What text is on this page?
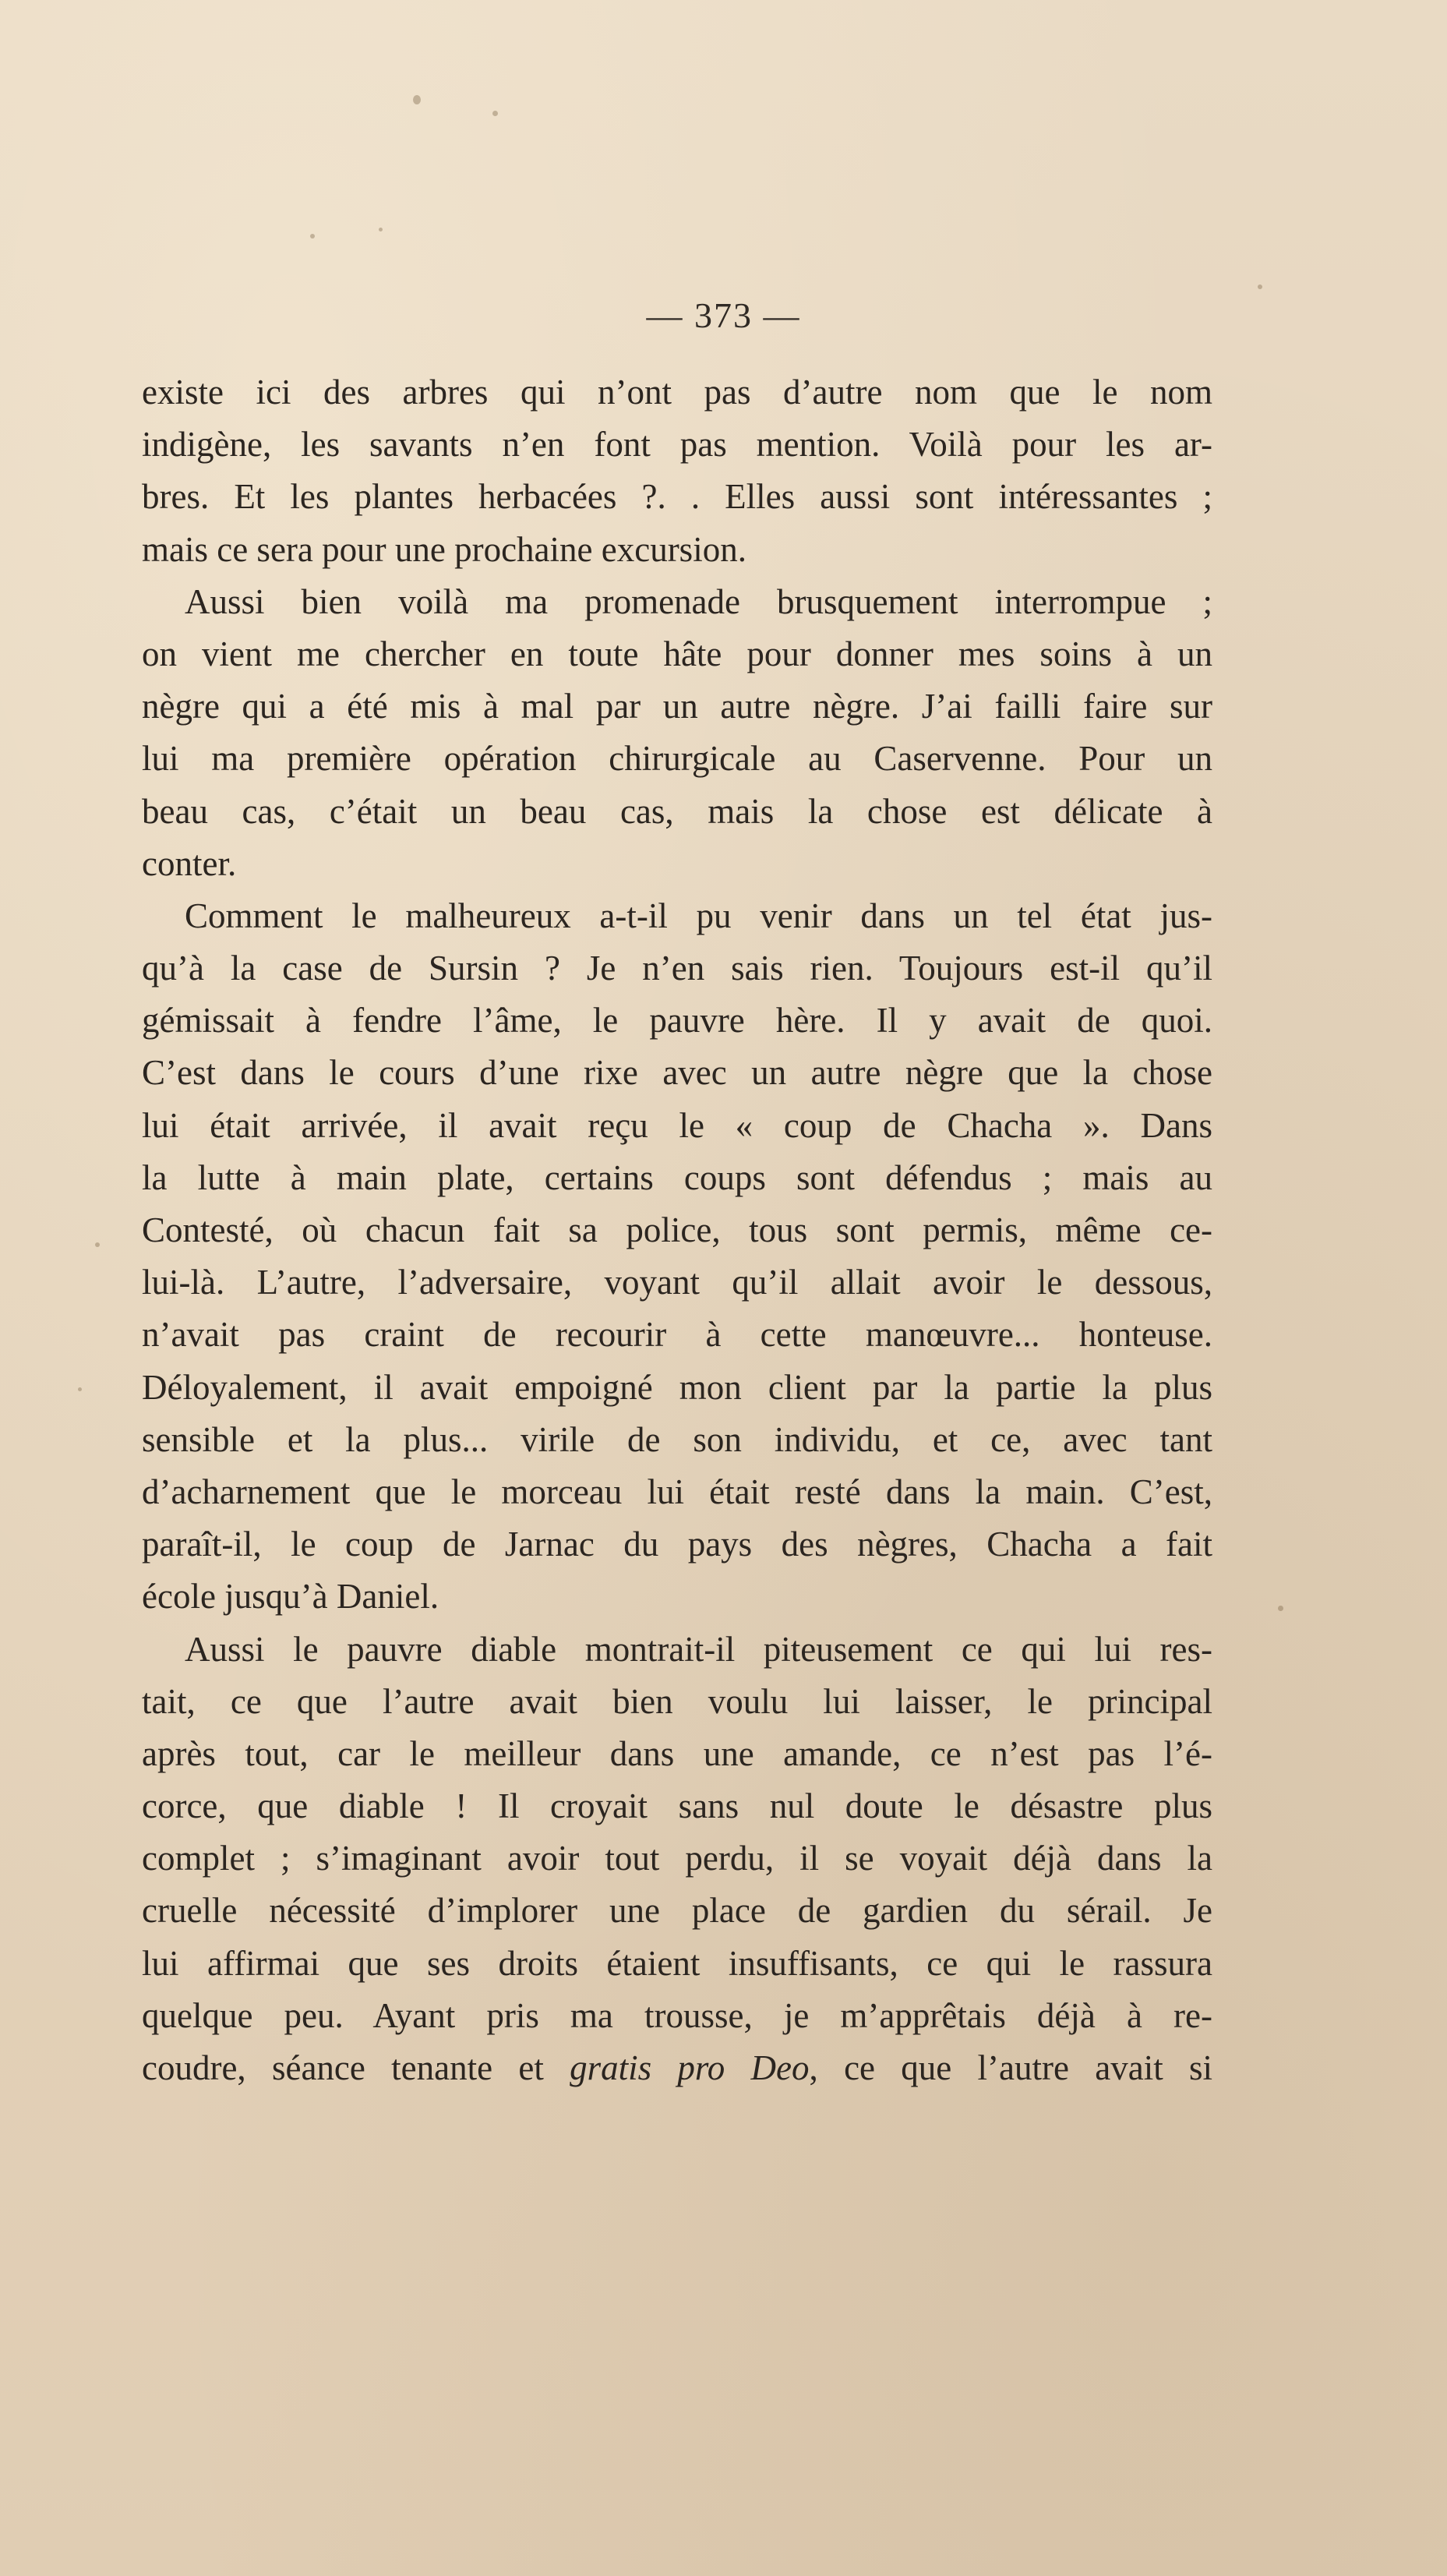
— 373 —
existe ici des arbres qui n’ont pas d’autre nom que le nom
indigène, les savants n’en font pas mention. Voilà pour les ar-
bres. Et les plantes herbacées ?. . Elles aussi sont intéressantes ;
mais ce sera pour une prochaine excursion.
Aussi bien voilà ma promenade brusquement interrompue ;
on vient me chercher en toute hâte pour donner mes soins à un
nègre qui a été mis à mal par un autre nègre. J’ai failli faire sur
lui ma première opération chirurgicale au Caservenne. Pour un
beau cas, c’était un beau cas, mais la chose est délicate à
conter.
Comment le malheureux a-t-il pu venir dans un tel état jus-
qu’à la case de Sursin ? Je n’en sais rien. Toujours est-il qu’il
gémissait à fendre l’âme, le pauvre hère. Il y avait de quoi.
C’est dans le cours d’une rixe avec un autre nègre que la chose
lui était arrivée, il avait reçu le « coup de Chacha ». Dans
la lutte à main plate, certains coups sont défendus ; mais au
Contesté, où chacun fait sa police, tous sont permis, même ce-
lui-là. L’autre, l’adversaire, voyant qu’il allait avoir le dessous,
n’avait pas craint de recourir à cette manœuvre... honteuse.
Déloyalement, il avait empoigné mon client par la partie la plus
sensible et la plus... virile de son individu, et ce, avec tant
d’acharnement que le morceau lui était resté dans la main. C’est,
paraît-il, le coup de Jarnac du pays des nègres, Chacha a fait
école jusqu’à Daniel.
Aussi le pauvre diable montrait-il piteusement ce qui lui res-
tait, ce que l’autre avait bien voulu lui laisser, le principal
après tout, car le meilleur dans une amande, ce n’est pas l’é-
corce, que diable ! Il croyait sans nul doute le désastre plus
complet ; s’imaginant avoir tout perdu, il se voyait déjà dans la
cruelle nécessité d’implorer une place de gardien du sérail. Je
lui affirmai que ses droits étaient insuffisants, ce qui le rassura
quelque peu. Ayant pris ma trousse, je m’apprêtais déjà à re-
coudre, séance tenante et gratis pro Deo, ce que l’autre avait si
